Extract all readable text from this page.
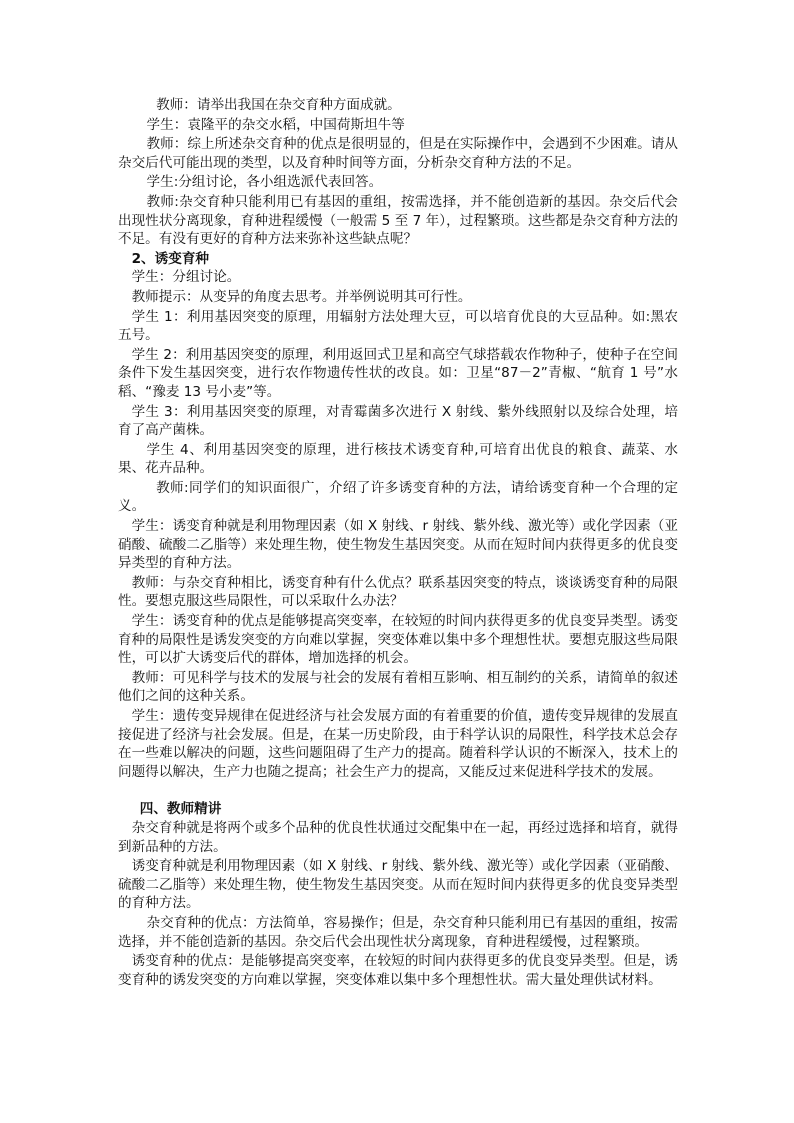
教师：请举出我国在杂交育种方面成就。

学生：袁隆平的杂交水稻，中国荷斯坦牛等

教师：综上所述杂交育种的优点是很明显的，但是在实际操作中，会遇到不少困难。请从杂交后代可能出现的类型，以及育种时间等方面，分析杂交育种方法的不足。

学生:分组讨论，各小组选派代表回答。

教师:杂交育种只能利用已有基因的重组，按需选择，并不能创造新的基因。杂交后代会出现性状分离现象，育种进程缓慢（一般需 5 至 7 年），过程繁琐。这些都是杂交育种方法的不足。有没有更好的育种方法来弥补这些缺点呢？

2、诱变育种

学生：分组讨论。

教师提示：从变异的角度去思考。并举例说明其可行性。

学生 1：利用基因突变的原理，用辐射方法处理大豆，可以培育优良的大豆品种。如:黑农五号。

学生 2：利用基因突变的原理，利用返回式卫星和高空气球搭载农作物种子，使种子在空间条件下发生基因突变，进行农作物遗传性状的改良。如：卫星“87－2”青椒、“航育 1 号”水稻、“豫麦 13 号小麦”等。

学生 3：利用基因突变的原理，对青霉菌多次进行 X 射线、紫外线照射以及综合处理，培育了高产菌株。

学生 4、利用基因突变的原理，进行核技术诱变育种,可培育出优良的粮食、蔬菜、水果、花卉品种。

教师:同学们的知识面很广，介绍了许多诱变育种的方法，请给诱变育种一个合理的定义。

学生：诱变育种就是利用物理因素（如 X 射线、r 射线、紫外线、激光等）或化学因素（亚硝酸、硫酸二乙脂等）来处理生物，使生物发生基因突变。从而在短时间内获得更多的优良变异类型的育种方法。

教师：与杂交育种相比，诱变育种有什么优点？联系基因突变的特点，谈谈诱变育种的局限性。要想克服这些局限性，可以采取什么办法？

学生：诱变育种的优点是能够提高突变率，在较短的时间内获得更多的优良变异类型。诱变育种的局限性是诱发突变的方向难以掌握，突变体难以集中多个理想性状。要想克服这些局限性，可以扩大诱变后代的群体，增加选择的机会。

教师：可见科学与技术的发展与社会的发展有着相互影响、相互制约的关系，请简单的叙述他们之间的这种关系。

学生：遗传变异规律在促进经济与社会发展方面的有着重要的价值，遗传变异规律的发展直接促进了经济与社会发展。但是，在某一历史阶段，由于科学认识的局限性，科学技术总会存在一些难以解决的问题，这些问题阻碍了生产力的提高。随着科学认识的不断深入，技术上的问题得以解决，生产力也随之提高；社会生产力的提高，又能反过来促进科学技术的发展。

四、教师精讲

杂交育种就是将两个或多个品种的优良性状通过交配集中在一起，再经过选择和培育，就得到新品种的方法。

诱变育种就是利用物理因素（如 X 射线、r 射线、紫外线、激光等）或化学因素（亚硝酸、硫酸二乙脂等）来处理生物，使生物发生基因突变。从而在短时间内获得更多的优良变异类型的育种方法。

杂交育种的优点：方法简单，容易操作；但是，杂交育种只能利用已有基因的重组，按需选择，并不能创造新的基因。杂交后代会出现性状分离现象，育种进程缓慢，过程繁琐。

诱变育种的优点：是能够提高突变率，在较短的时间内获得更多的优良变异类型。但是，诱变育种的诱发突变的方向难以掌握，突变体难以集中多个理想性状。需大量处理供试材料。
